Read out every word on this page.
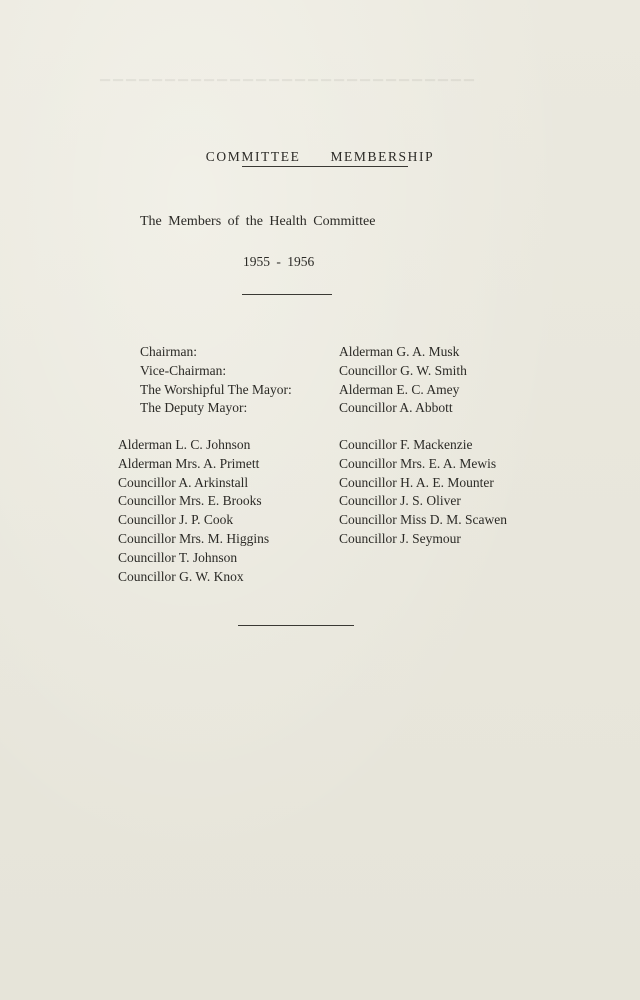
▁▁▁▁▁▁▁▁▁▁▁▁▁▁▁▁▁▁▁▁▁▁▁▁▁▁▁▁▁
COMMITTEE MEMBERSHIP
The Members of the Health Committee
1955 - 1956
Chairman:
Vice-Chairman:
The Worshipful The Mayor:
The Deputy Mayor:
Alderman G. A. Musk
Councillor G. W. Smith
Alderman E. C. Amey
Councillor A. Abbott
Alderman L. C. Johnson
Alderman Mrs. A. Primett
Councillor A. Arkinstall
Councillor Mrs. E. Brooks
Councillor J. P. Cook
Councillor Mrs. M. Higgins
Councillor T. Johnson
Councillor G. W. Knox
Councillor F. Mackenzie
Councillor Mrs. E. A. Mewis
Councillor H. A. E. Mounter
Councillor J. S. Oliver
Councillor Miss D. M. Scawen
Councillor J. Seymour
